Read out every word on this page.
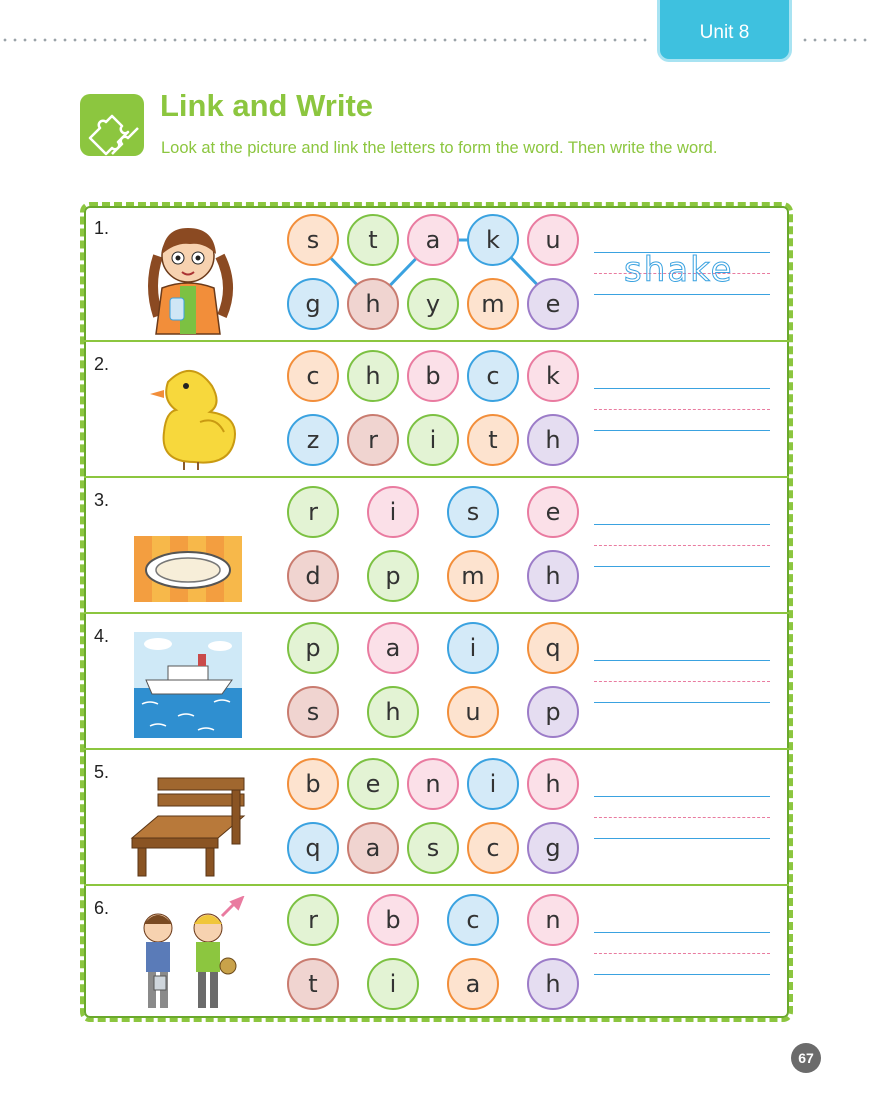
Unit 8
Link and Write
Look at the picture and link the letters to form the word. Then write the word.
1.	s	t	a	k	u
g	h	y	m	e
shake
2.	c	h	b	c	k
z	r	i	t	h
3.	r	i	s	e
d	p	m	h
4.	p	a	i	q
s	h	u	p
5.	b	e	n	i	h
q	a	s	c	g
6.	r	b	c	n
t	i	a	h
67
